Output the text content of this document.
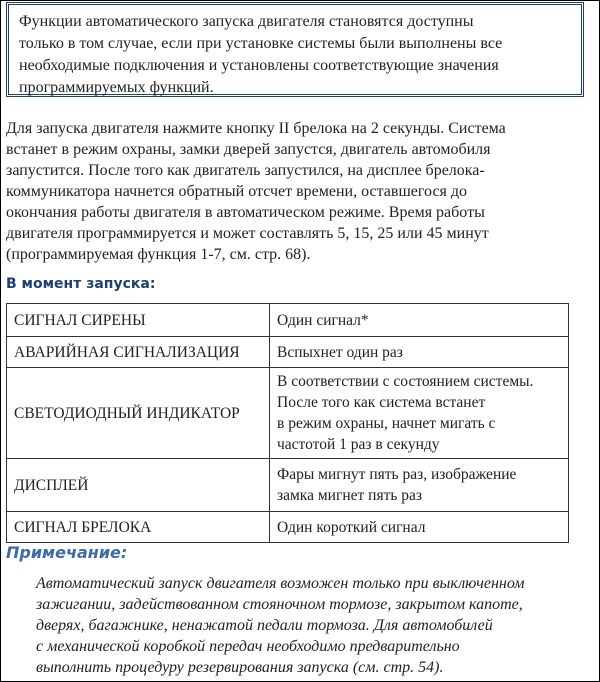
Функции автоматического запуска двигателя становятся доступны
только в том случае, если при установке системы были выполнены все
необходимые подключения и установлены соответствующие значения
программируемых функций.
Для запуска двигателя нажмите кнопку II брелока на 2 секунды. Система
встанет в режим охраны, замки дверей запустся, двигатель автомобиля
запустится. После того как двигатель запустился, на дисплее брелока-
коммуникатора начнется обратный отсчет времени, оставшегося до
окончания работы двигателя в автоматическом режиме. Время работы
двигателя программируется и может составлять 5, 15, 25 или 45 минут
(программируемая функция 1-7, см. стр. 68).
В момент запуска:
СИГНАЛ СИРЕНЫ	Один сигнал*

АВАРИЙНАЯ СИГНАЛИЗАЦИЯ	Вспыхнет один раз

СВЕТОДИОДНЫЙ ИНДИКАТОР	В соответствии с состоянием системы.
После того как система встанет
в режим охраны, начнет мигать с
частотой 1 раз в секунду

ДИСПЛЕЙ	Фары мигнут пять раз, изображение
замка мигнет пять раз

СИГНАЛ БРЕЛОКА	Один короткий сигнал
Примечание:
Автоматический запуск двигателя возможен только при выключенном
зажигании, задействованном стояночном тормозе, закрытом капоте,
дверях, багажнике, ненажатой педали тормоза. Для автомобилей
с механической коробкой передач необходимо предварительно
выполнить процедуру резервирования запуска (см. стр. 54).
